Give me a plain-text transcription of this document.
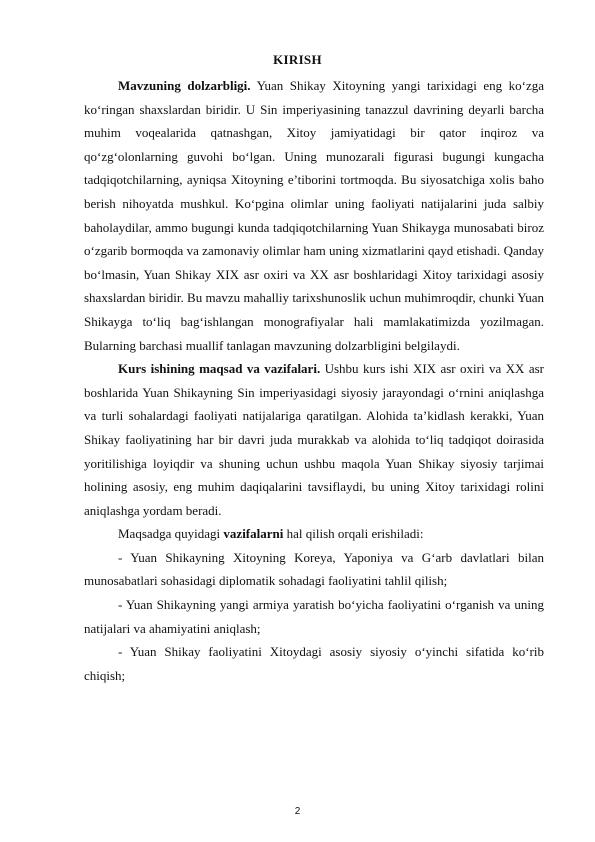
KIRISH

Mavzuning dolzarbligi. Yuan Shikay Xitoyning yangi tarixidagi eng ko‘zga ko‘ringan shaxslardan biridir. U Sin imperiyasining tanazzul davrining deyarli barcha muhim voqealarida qatnashgan, Xitoy jamiyatidagi bir qator inqiroz va qo‘zg‘olonlarning guvohi bo‘lgan. Uning munozarali figurasi bugungi kungacha tadqiqotchilarning, ayniqsa Xitoyning e’tiborini tortmoqda. Bu siyosatchiga xolis baho berish nihoyatda mushkul. Ko‘pgina olimlar uning faoliyati natijalarini juda salbiy baholaydilar, ammo bugungi kunda tadqiqotchilarning Yuan Shikayga munosabati biroz o‘zgarib bormoqda va zamonaviy olimlar ham uning xizmatlarini qayd etishadi. Qanday bo‘lmasin, Yuan Shikay XIX asr oxiri va XX asr boshlaridagi Xitoy tarixidagi asosiy shaxslardan biridir. Bu mavzu mahalliy tarixshunoslik uchun muhimroqdir, chunki Yuan Shikayga to‘liq bag‘ishlangan monografiyalar hali mamlakatimizda yozilmagan. Bularning barchasi muallif tanlagan mavzuning dolzarbligini belgilaydi.

Kurs ishining maqsad va vazifalari. Ushbu kurs ishi XIX asr oxiri va XX asr boshlarida Yuan Shikayning Sin imperiyasidagi siyosiy jarayondagi o‘rnini aniqlashga va turli sohalardagi faoliyati natijalariga qaratilgan. Alohida ta’kidlash kerakki, Yuan Shikay faoliyatining har bir davri juda murakkab va alohida to‘liq tadqiqot doirasida yoritilishiga loyiqdir va shuning uchun ushbu maqola Yuan Shikay siyosiy tarjimai holining asosiy, eng muhim daqiqalarini tavsiflaydi, bu uning Xitoy tarixidagi rolini aniqlashga yordam beradi.

Maqsadga quyidagi vazifalarni hal qilish orqali erishiladi:

- Yuan Shikayning Xitoyning Koreya, Yaponiya va G‘arb davlatlari bilan munosabatlari sohasidagi diplomatik sohadagi faoliyatini tahlil qilish;

- Yuan Shikayning yangi armiya yaratish bo‘yicha faoliyatini o‘rganish va uning natijalari va ahamiyatini aniqlash;

- Yuan Shikay faoliyatini Xitoydagi asosiy siyosiy o‘yinchi sifatida ko‘rib chiqish;

2
